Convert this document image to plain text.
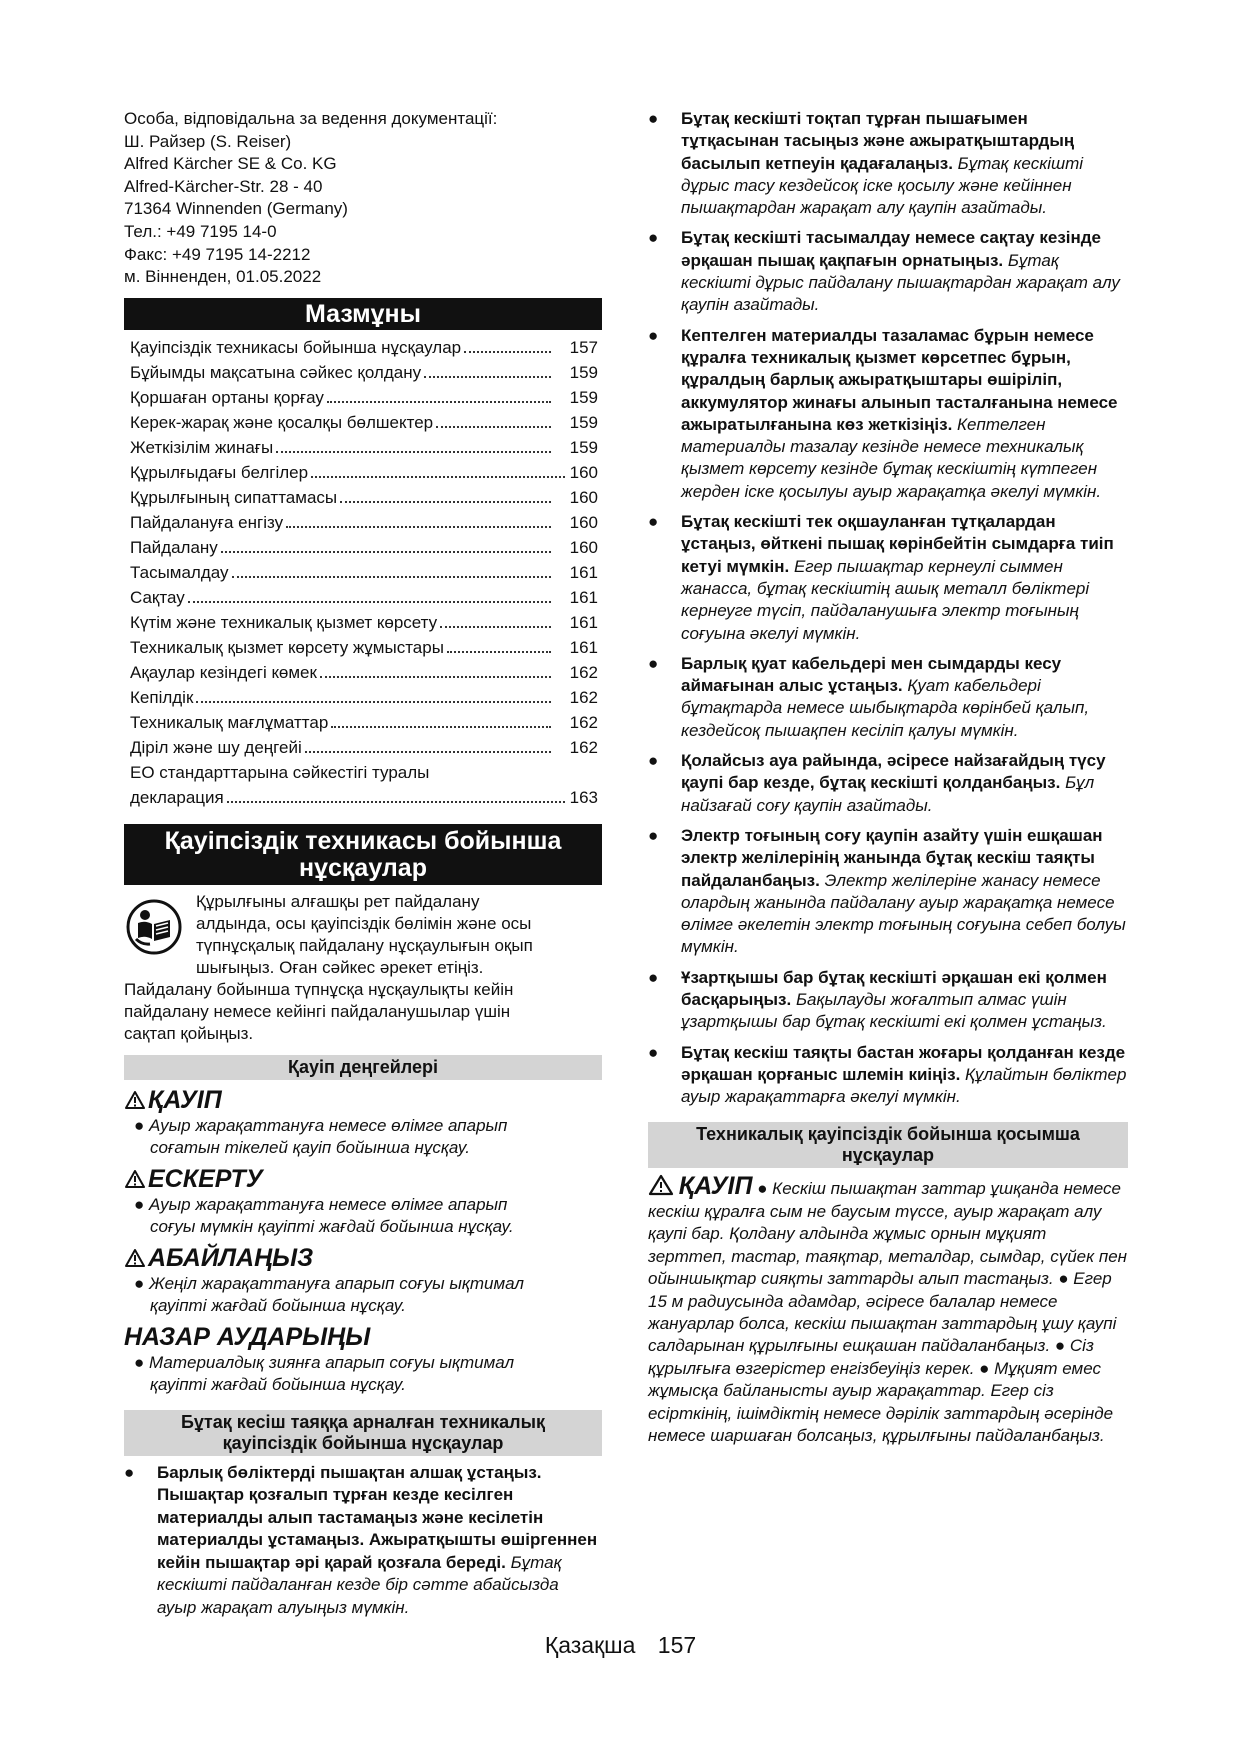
Особа, відповідальна за ведення документації:

Ш. Райзер (S. Reiser)

Alfred Kärcher SE & Co. KG

Alfred-Kärcher-Str. 28 - 40

71364 Winnenden (Germany)

Тел.: +49 7195 14-0

Факс: +49 7195 14-2212

м. Вінненден, 01.05.2022

Мазмұны
Қауіпсіздік техникасы бойынша нұсқаулар	157
Бұйымды мақсатына сәйкес қолдану	159
Қоршаған ортаны қорғау	159
Керек-жарақ және қосалқы бөлшектер	159
Жеткізілім жинағы	159
Құрылғыдағы белгілер	160
Құрылғының сипаттамасы	160
Пайдалануға енгізу	160
Пайдалану	160
Тасымалдау	161
Сақтау	161
Күтім және техникалық қызмет көрсету	161
Техникалық қызмет көрсету жұмыстары	161
Ақаулар кезіндегі көмек	162
Кепілдік	162
Техникалық мағлұматтар	162
Діріл және шу деңгейі	162
ЕО стандарттарына сәйкестігі туралы
декларация	163
Қауіпсіздік техникасы бойынша
нұсқаулар
Құрылғыны алғашқы рет пайдалану
алдында, осы қауіпсіздік бөлімін және осы
түпнұсқалық пайдалану нұсқаулығын оқып
шығыңыз. Оған сәйкес әрекет етіңіз.
Пайдалану бойынша түпнұсқа нұсқаулықты кейін
пайдалану немесе кейінгі пайдаланушылар үшін
сақтап қойыңыз.
Қауіп деңгейлері
ҚАУІП

● Ауыр жарақаттануға немесе өлімге апарып
соғатын тікелей қауіп бойынша нұсқау.

ЕСКЕРТУ

● Ауыр жарақаттануға немесе өлімге апарып
соғуы мүмкін қауіпті жағдай бойынша нұсқау.

АБАЙЛАҢЫЗ

● Жеңіл жарақаттануға апарып соғуы ықтимал
қауіпті жағдай бойынша нұсқау.

НАЗАР АУДАРЫҢЫ

● Материалдық зиянға апарып соғуы ықтимал
қауіпті жағдай бойынша нұсқау.

Бұтақ кесіш таяққа арналған техникалық
қауіпсіздік бойынша нұсқаулар
● Барлық бөліктерді пышақтан алшақ ұстаңыз. Пышақтар қозғалып тұрған кезде кесілген материалды алып тастамаңыз және кесілетін материалды ұстамаңыз. Ажыратқышты өшіргеннен кейін пышақтар әрі қарай қозғала береді. Бұтақ кескішті пайдаланған кезде бір сәтте абайсызда ауыр жарақат алуыңыз мүмкін.
● Бұтақ кескішті тоқтап тұрған пышағымен тұтқасынан тасыңыз және ажыратқыштардың басылып кетпеуін қадағалаңыз. Бұтақ кескішті дұрыс тасу кездейсоқ іске қосылу және кейіннен пышақтардан жарақат алу қаупін азайтады.
● Бұтақ кескішті тасымалдау немесе сақтау кезінде әрқашан пышақ қақпағын орнатыңыз. Бұтақ кескішті дұрыс пайдалану пышақтардан жарақат алу қаупін азайтады.
● Кептелген материалды тазаламас бұрын немесе құралға техникалық қызмет көрсетпес бұрын, құралдың барлық ажыратқыштары өшіріліп, аккумулятор жинағы алынып тасталғанына немесе ажыратылғанына көз жеткізіңіз. Кептелген материалды тазалау кезінде немесе техникалық қызмет көрсету кезінде бұтақ кескіштің күтпеген жерден іске қосылуы ауыр жарақатқа әкелуі мүмкін.
● Бұтақ кескішті тек оқшауланған тұтқалардан ұстаңыз, өйткені пышақ көрінбейтін сымдарға тиіп кетуі мүмкін. Егер пышақтар кернеулі сыммен жанасса, бұтақ кескіштің ашық металл бөліктері кернеуге түсіп, пайдаланушыға электр тоғының соғуына әкелуі мүмкін.
● Барлық қуат кабельдері мен сымдарды кесу аймағынан алыс ұстаңыз. Қуат кабельдері бұтақтарда немесе шыбықтарда көрінбей қалып, кездейсоқ пышақпен кесіліп қалуы мүмкін.
● Қолайсыз ауа райында, әсіресе найзағайдың түсу қаупі бар кезде, бұтақ кескішті қолданбаңыз. Бұл найзағай соғу қаупін азайтады.
● Электр тоғының соғу қаупін азайту үшін ешқашан электр желілерінің жанында бұтақ кескіш таяқты пайдаланбаңыз. Электр желілеріне жанасу немесе олардың жанында пайдалану ауыр жарақатқа немесе өлімге әкелетін электр тоғының соғуына себеп болуы мүмкін.
● Ұзартқышы бар бұтақ кескішті әрқашан екі қолмен басқарыңыз. Бақылауды жоғалтып алмас үшін ұзартқышы бар бұтақ кескішті екі қолмен ұстаңыз.
● Бұтақ кескіш таяқты бастан жоғары қолданған кезде әрқашан қорғаныс шлемін киіңіз. Құлайтын бөліктер ауыр жарақаттарға әкелуі мүмкін.
Техникалық қауіпсіздік бойынша қосымша
нұсқаулар
ҚАУІП ● Кескіш пышақтан заттар ұшқанда немесе кескіш құралға сым не баусым түссе, ауыр жарақат алу қаупі бар. Қолдану алдында жұмыс орнын мұқият зерттеп, тастар, таяқтар, металдар, сымдар, сүйек пен ойыншықтар сияқты заттарды алып тастаңыз. ● Егер 15 м радиусында адамдар, әсіресе балалар немесе жануарлар болса, кескіш пышақтан заттардың ұшу қаупі салдарынан құрылғыны ешқашан пайдаланбаңыз. ● Сіз құрылғыға өзгерістер енгізбеуіңіз керек. ● Мұқият емес жұмысқа байланысты ауыр жарақаттар. Егер сіз есірткінің, ішімдіктің немесе дәрілік заттардың әсерінде немесе шаршаған болсаңыз, құрылғыны пайдаланбаңыз.
Қазақша 157
